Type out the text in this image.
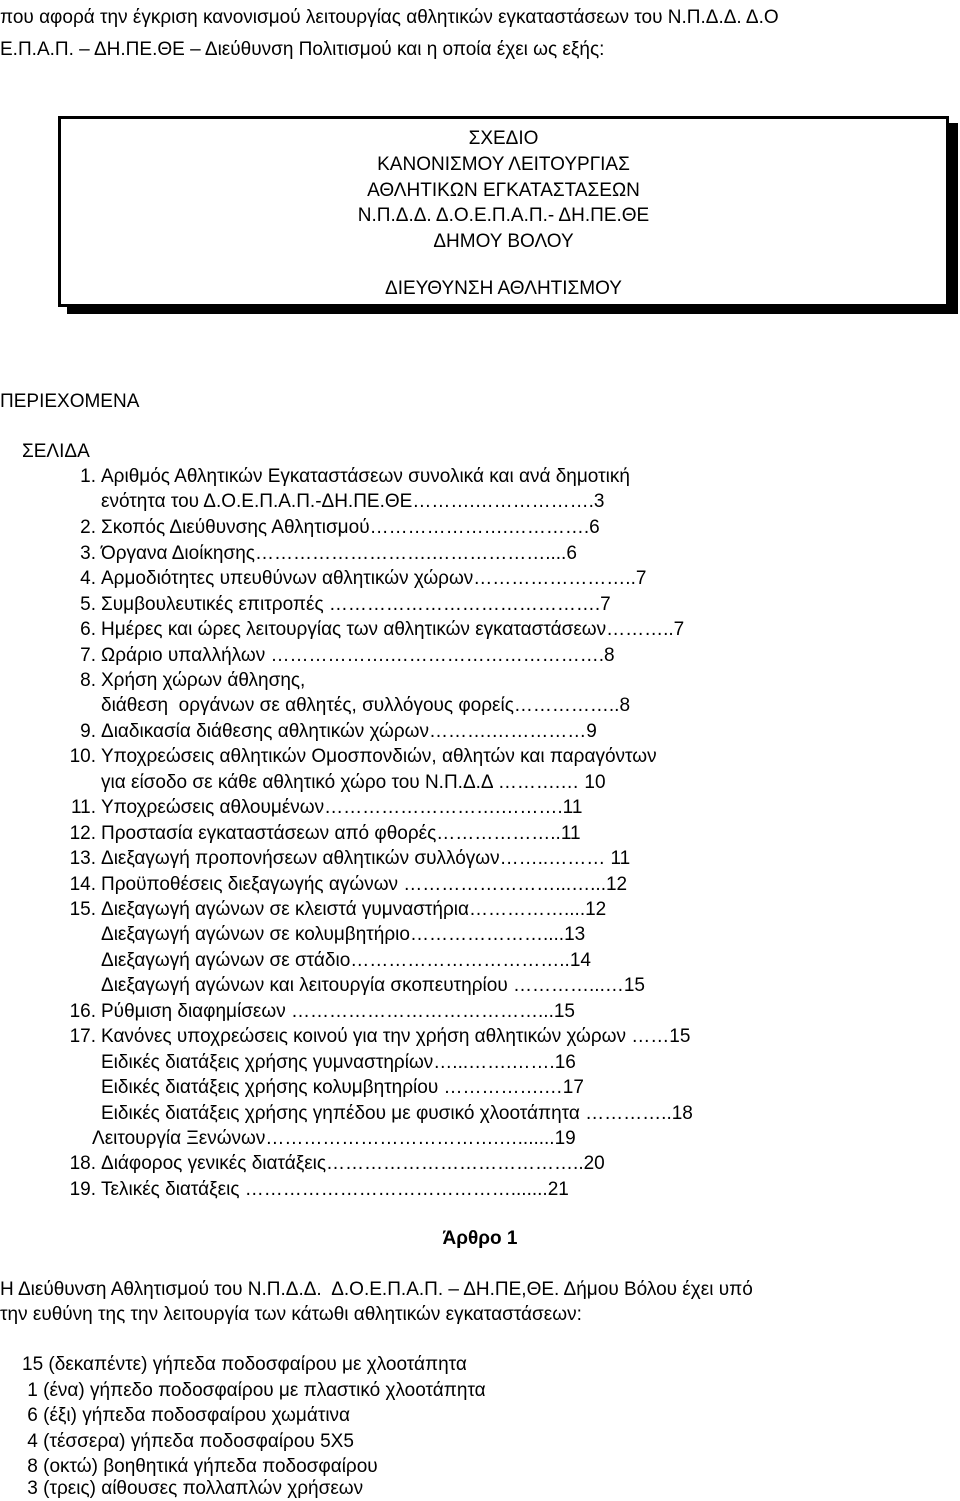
που αφορά την έγκριση κανονισμού λειτουργίας αθλητικών εγκαταστάσεων του Ν.Π.Δ.Δ. Δ.Ο
Ε.Π.Α.Π. – ΔΗ.ΠΕ.ΘΕ – Διεύθυνση Πολιτισμού και η οποία έχει ως εξής:
ΣΧΕΔΙΟ
ΚΑΝΟΝΙΣΜΟΥ ΛΕΙΤΟΥΡΓΙΑΣ
ΑΘΛΗΤΙΚΩΝ ΕΓΚΑΤΑΣΤΑΣΕΩΝ
Ν.Π.Δ.Δ. Δ.Ο.Ε.Π.Α.Π.- ΔΗ.ΠΕ.ΘΕ
ΔΗΜΟΥ ΒΟΛΟΥ
ΔΙΕΥΘΥΝΣΗ ΑΘΛΗΤΙΣΜΟΥ
ΠΕΡΙΕΧΟΜΕΝΑ
ΣΕΛΙΔΑ
1. Αριθμός Αθλητικών Εγκαταστάσεων συνολικά και ανά δημοτική
ενότητα του Δ.Ο.Ε.Π.Α.Π.-ΔΗ.ΠΕ.ΘΕ……….……………….3
2. Σκοπός Διεύθυνσης Αθλητισμού………………….………….6
3. Όργανα Διοίκησης……………………….………………....6
4. Αρμοδιότητες υπευθύνων αθλητικών χώρων……………………..7
5. Συμβουλευτικές επιτροπές …………………………………….7
6. Ημέρες και ώρες λειτουργίας των αθλητικών εγκαταστάσεων………..7
7. Ωράριο υπαλλήλων ……………….…………………………….8
8. Χρήση χώρων άθλησης,
διάθεση  οργάνων σε αθλητές, συλλόγους φορείς……………..8
9. Διαδικασία διάθεσης αθλητικών χώρων……….……………9
10. Υποχρεώσεις αθλητικών Ομοσπονδιών, αθλητών και παραγόντων
για είσοδο σε κάθε αθλητικό χώρο του Ν.Π.Δ.Δ ……….… 10
11. Υποχρεώσεις αθλουμένων……………………….……….11
12. Προστασία εγκαταστάσεων από φθορές………………..11
13. Διεξαγωγή προπονήσεων αθλητικών συλλόγων……..……… 11
14. Προϋποθέσεις διεξαγωγής αγώνων ……………………...…...12
15. Διεξαγωγή αγώνων σε κλειστά γυμναστήρια……………....12
Διεξαγωγή αγώνων σε κολυμβητήριο…………………....13
Διεξαγωγή αγώνων σε στάδιο……………………………..14
Διεξαγωγή αγώνων και λειτουργία σκοπευτηρίου …………...…15
16. Ρύθμιση διαφημίσεων …………………………………...15
17. Κανόνες υποχρεώσεις κοινού για την χρήση αθλητικών χώρων ……15
Ειδικές διατάξεις χρήσης γυμναστηρίων…...…….…….16
Ειδικές διατάξεις χρήσης κολυμβητηρίου …………….…17
Ειδικές διατάξεις χρήσης γηπέδου με φυσικό χλοοτάπητα …………..18
Λειτουργία Ξενώνων……………………………….….......19
18. Διάφορος γενικές διατάξεις…………………………………..20
19. Τελικές διατάξεις …………………………………….......21
Άρθρο 1
Η Διεύθυνση Αθλητισμού του Ν.Π.Δ.Δ.  Δ.Ο.Ε.Π.Α.Π. – ΔΗ.ΠΕ,ΘΕ. Δήμου Βόλου έχει υπό
την ευθύνη της την λειτουργία των κάτωθι αθλητικών εγκαταστάσεων:
15 (δεκαπέντε) γήπεδα ποδοσφαίρου με χλοοτάπητα
1 (ένα) γήπεδο ποδοσφαίρου με πλαστικό χλοοτάπητα
6 (έξι) γήπεδα ποδοσφαίρου χωμάτινα
4 (τέσσερα) γήπεδα ποδοσφαίρου 5Χ5
8 (οκτώ) βοηθητικά γήπεδα ποδοσφαίρου
3 (τρεις) αίθουσες πολλαπλών χρήσεων
